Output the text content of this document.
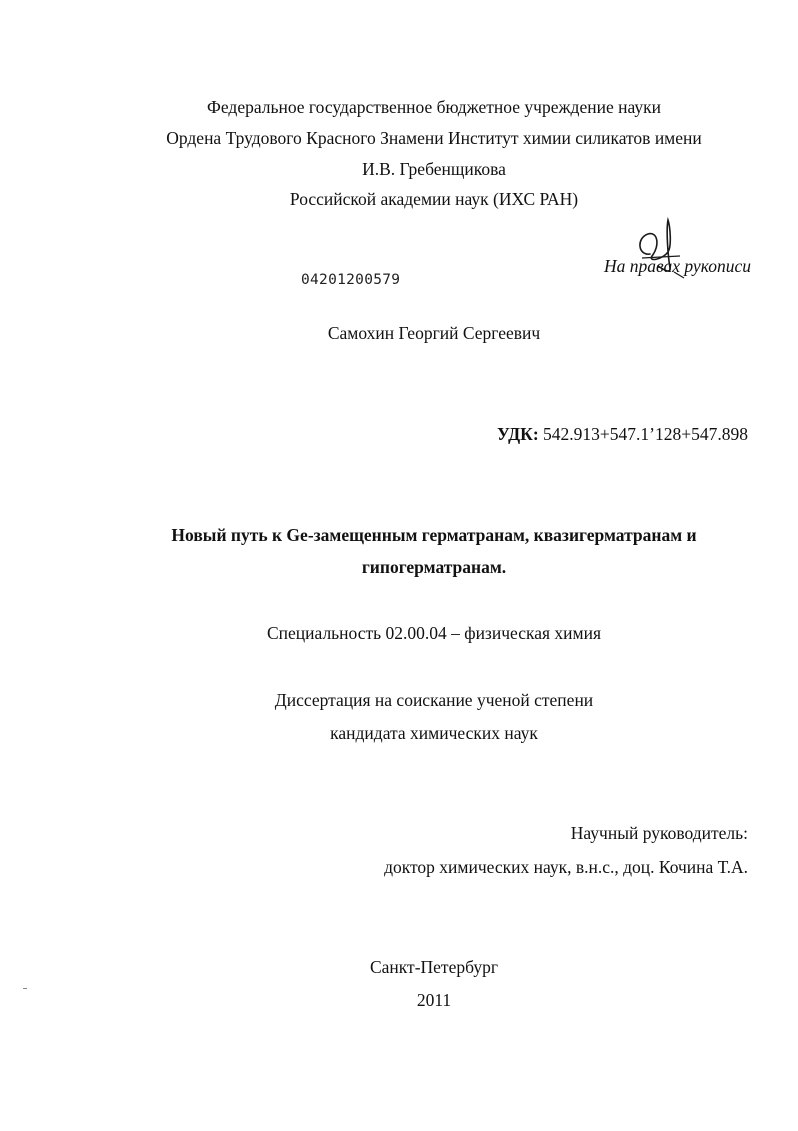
Федеральное государственное бюджетное учреждение науки
Ордена Трудового Красного Знамени Институт химии силикатов имени
И.В. Гребенщикова
Российской академии наук (ИХС РАН)
На правах рукописи
04201200579
Самохин Георгий Сергеевич
УДК: 542.913+547.1’128+547.898
Новый путь к Ge-замещенным герматранам, квазигерматранам и
гипогерматранам.
Специальность 02.00.04 – физическая химия
Диссертация на соискание ученой степени
кандидата химических наук
Научный руководитель:
доктор химических наук, в.н.с., доц. Кочина Т.А.
Санкт-Петербург
2011
